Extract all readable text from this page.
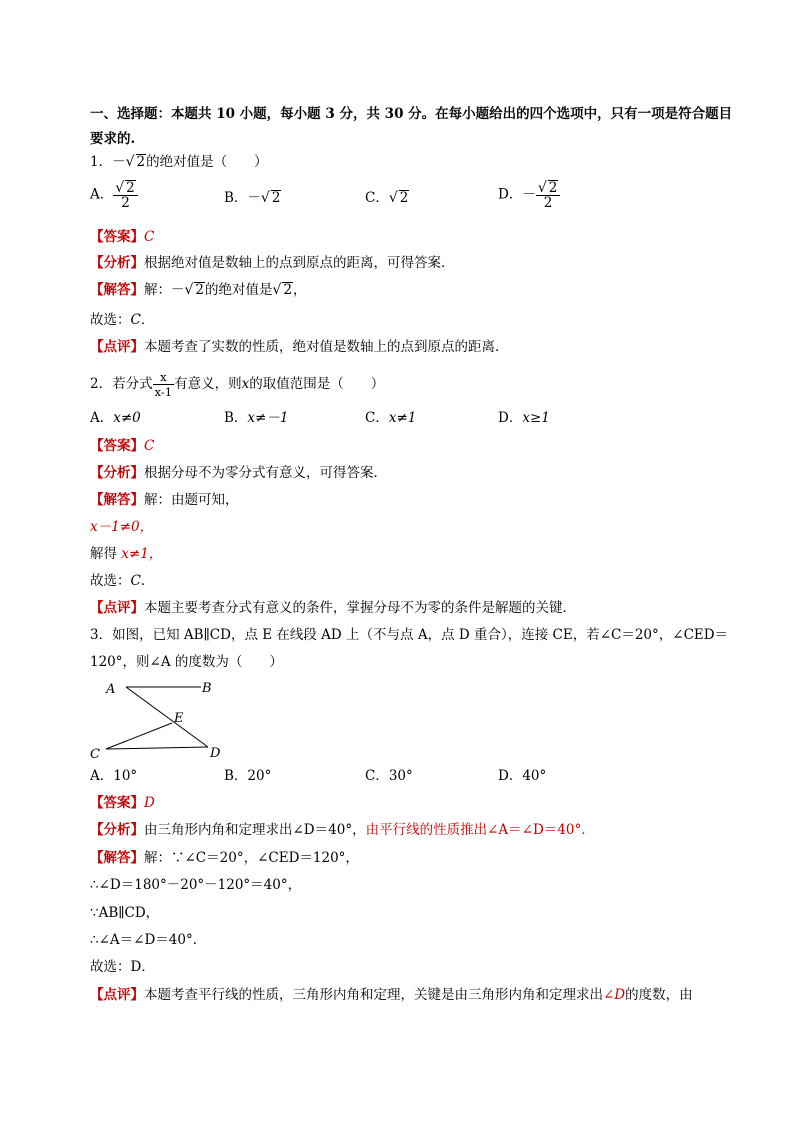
一、选择题：本题共 10 小题，每小题 3 分，共 30 分。在每小题给出的四个选项中，只有一项是符合题目
要求的.
1．－√ 2的绝对值是（　　）
A． $\frac{√ 2}{2}$	B．－√ 2	C．√ 2	D．－ $\frac{√ 2}{2}$
【答案】C
【分析】根据绝对值是数轴上的点到原点的距离，可得答案．
【解答】解：－√ 2的绝对值是√ 2，
故选：C．
【点评】本题考查了实数的性质，绝对值是数轴上的点到原点的距离．
2．若分式 $\frac{x}{x-1}$ 有意义，则x的取值范围是（　　）
A．x≠0	B．x≠－1	C．x≠1	D．x≥1
【答案】C
【分析】根据分母不为零分式有意义，可得答案．
【解答】解：由题可知，
x－1≠0，
解得 x≠1，
故选：C．
【点评】本题主要考查分式有意义的条件，掌握分母不为零的条件是解题的关键．
3．如图，已知 AB∥CD，点 E 在线段 AD 上（不与点 A，点 D 重合），连接 CE，若∠C＝20°，∠CED＝
120°，则∠A 的度数为（　　）
A	B
E
C	D
A．10°	B．20°	C．30°	D．40°
【答案】D
【分析】由三角形内角和定理求出∠D＝40°，由平行线的性质推出∠A＝∠D＝40°．
【解答】解：∵∠C＝20°，∠CED＝120°，
∴∠D＝180°－20°－120°＝40°，
∵AB∥CD，
∴∠A＝∠D＝40°．
故选：D．
【点评】本题考查平行线的性质，三角形内角和定理，关键是由三角形内角和定理求出∠D的度数，由
